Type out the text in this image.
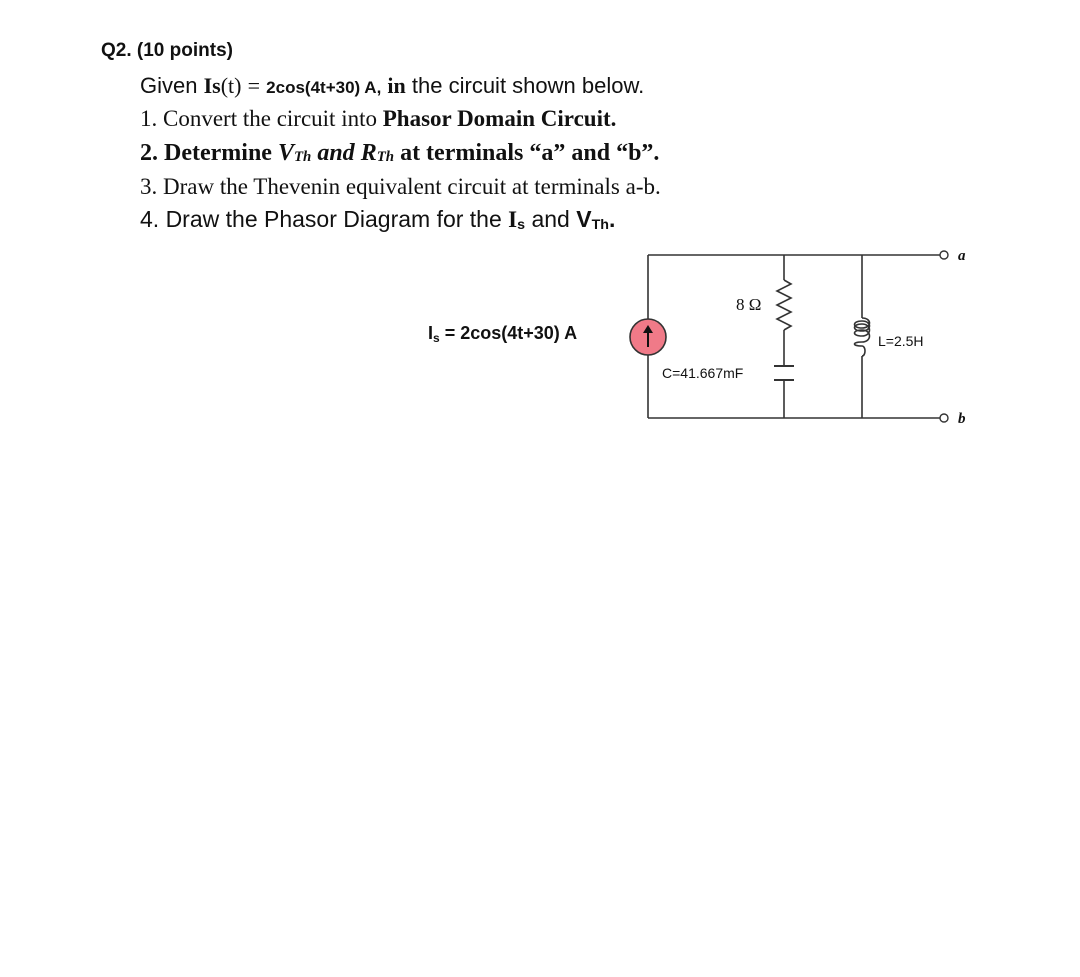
Q2. (10 points)
Given Is(t) = 2cos(4t+30) A, in the circuit shown below.
1. Convert the circuit into Phasor Domain Circuit.
2. Determine VTh and RTh at terminals “a” and “b”.
3. Draw the Thevenin equivalent circuit at terminals a-b.
4. Draw the Phasor Diagram for the Is and VTh.
a
b
8 Ω
C=41.667mF
L=2.5H
Is = 2cos(4t+30) A
